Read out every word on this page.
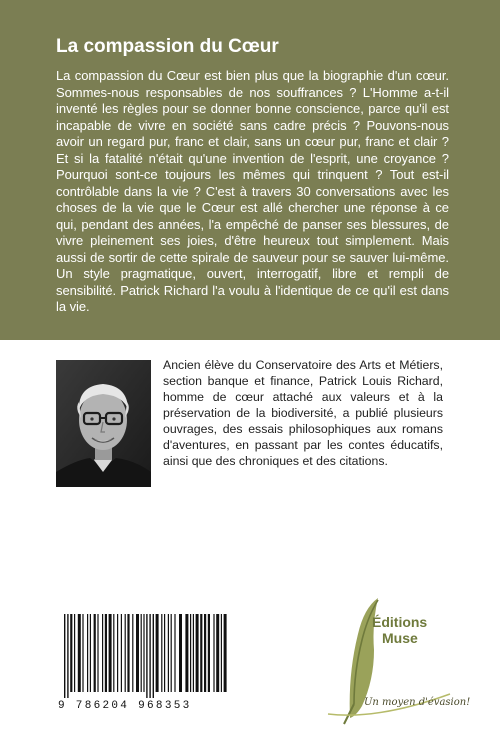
La compassion du Cœur

La compassion du Cœur est bien plus que la biographie d'un cœur. Sommes-nous responsables de nos souffrances ? L'Homme a-t-il inventé les règles pour se donner bonne conscience, parce qu'il est incapable de vivre en société sans cadre précis ? Pouvons-nous avoir un regard pur, franc et clair, sans un cœur pur, franc et clair ? Et si la fatalité n'était qu'une invention de l'esprit, une croyance ? Pourquoi sont-ce toujours les mêmes qui trinquent ? Tout est-il contrôlable dans la vie ? C'est à travers 30 conversations avec les choses de la vie que le Cœur est allé chercher une réponse à ce qui, pendant des années, l'a empêché de panser ses blessures, de vivre pleinement ses joies, d'être heureux tout simplement. Mais aussi de sortir de cette spirale de sauveur pour se sauver lui-même. Un style pragmatique, ouvert, interrogatif, libre et rempli de sensibilité. Patrick Richard l'a voulu à l'identique de ce qu'il est dans la vie.

Ancien élève du Conservatoire des Arts et Métiers, section banque et finance, Patrick Louis Richard, homme de cœur attaché aux valeurs et à la préservation de la biodiversité, a publié plusieurs ouvrages, des essais philosophiques aux romans d'aventures, en passant par les contes éducatifs, ainsi que des chroniques et des citations.

9 786204 968353
Éditions
Muse
Un moyen d'évasion!
